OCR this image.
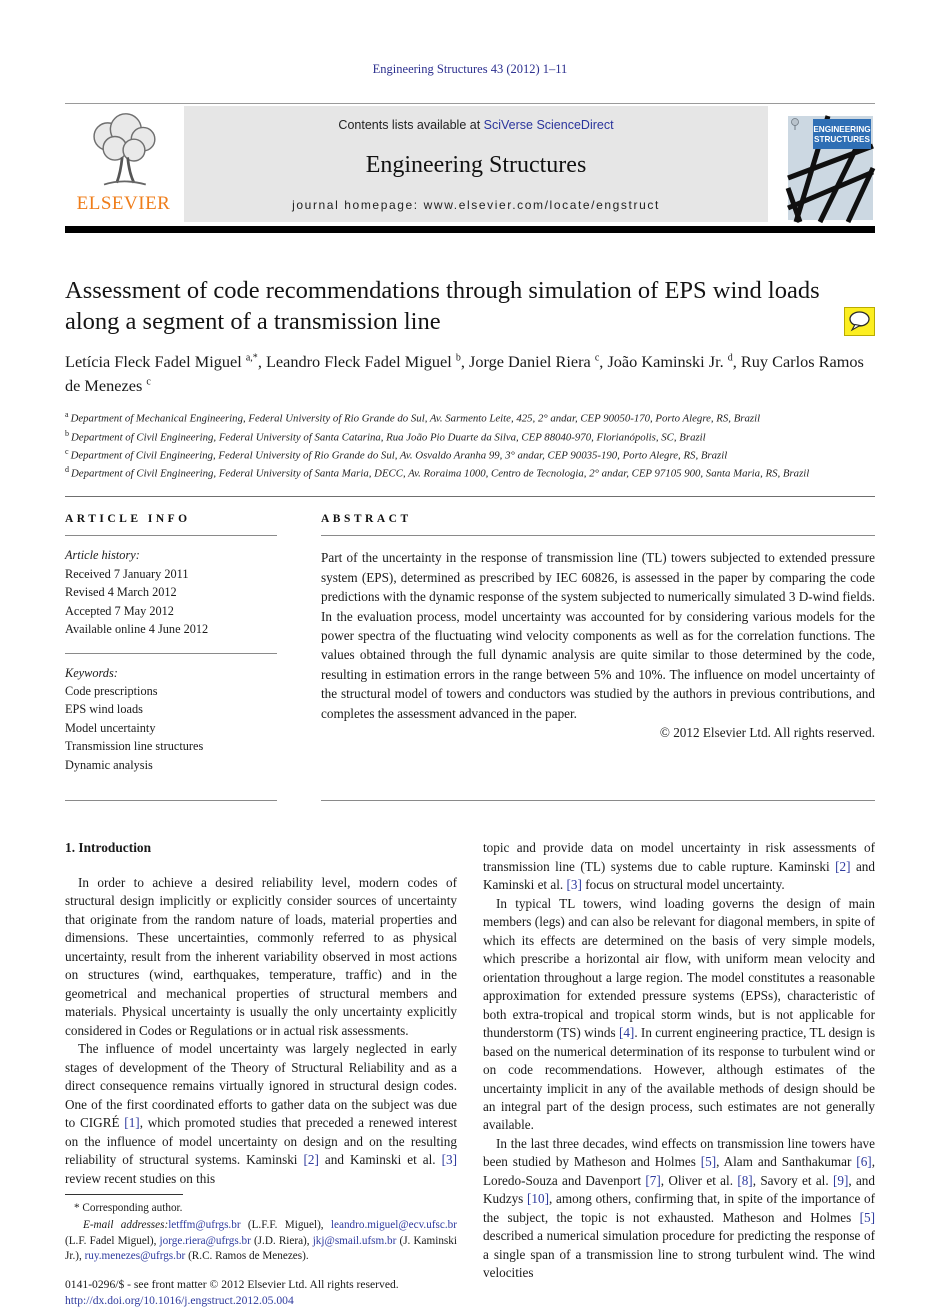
Engineering Structures 43 (2012) 1–11
ELSEVIER
Contents lists available at SciVerse ScienceDirect
Engineering Structures
journal homepage: www.elsevier.com/locate/engstruct
ENGINEERING
STRUCTURES
Assessment of code recommendations through simulation of EPS wind loads along a segment of a transmission line
Letícia Fleck Fadel Miguel $^{a,*}$, Leandro Fleck Fadel Miguel $^b$, Jorge Daniel Riera $^c$, João Kaminski Jr. $^d$, Ruy Carlos Ramos de Menezes $^c$
$^a$ Department of Mechanical Engineering, Federal University of Rio Grande do Sul, Av. Sarmento Leite, 425, 2° andar, CEP 90050-170, Porto Alegre, RS, Brazil
$^b$ Department of Civil Engineering, Federal University of Santa Catarina, Rua João Pio Duarte da Silva, CEP 88040-970, Florianópolis, SC, Brazil
$^c$ Department of Civil Engineering, Federal University of Rio Grande do Sul, Av. Osvaldo Aranha 99, 3° andar, CEP 90035-190, Porto Alegre, RS, Brazil
$^d$ Department of Civil Engineering, Federal University of Santa Maria, DECC, Av. Roraima 1000, Centro de Tecnologia, 2° andar, CEP 97105 900, Santa Maria, RS, Brazil
ARTICLE INFO
Article history:
Received 7 January 2011
Revised 4 March 2012
Accepted 7 May 2012
Available online 4 June 2012
Keywords:
Code prescriptions
EPS wind loads
Model uncertainty
Transmission line structures
Dynamic analysis
ABSTRACT
Part of the uncertainty in the response of transmission line (TL) towers subjected to extended pressure system (EPS), determined as prescribed by IEC 60826, is assessed in the paper by comparing the code predictions with the dynamic response of the system subjected to numerically simulated 3 D-wind fields. In the evaluation process, model uncertainty was accounted for by considering various models for the power spectra of the fluctuating wind velocity components as well as for the correlation functions. The values obtained through the full dynamic analysis are quite similar to those determined by the code, resulting in estimation errors in the range between 5% and 10%. The influence on model uncertainty of the structural model of towers and conductors was studied by the authors in previous contributions, and completes the assessment advanced in the paper.
© 2012 Elsevier Ltd. All rights reserved.
1. Introduction

In order to achieve a desired reliability level, modern codes of structural design implicitly or explicitly consider sources of uncertainty that originate from the random nature of loads, material properties and dimensions. These uncertainties, commonly referred to as physical uncertainty, result from the inherent variability observed in most actions on structures (wind, earthquakes, temperature, traffic) and in the geometrical and mechanical properties of structural members and materials. Physical uncertainty is usually the only uncertainty explicitly considered in Codes or Regulations or in actual risk assessments.

The influence of model uncertainty was largely neglected in early stages of development of the Theory of Structural Reliability and as a direct consequence remains virtually ignored in structural design codes. One of the first coordinated efforts to gather data on the subject was due to CIGRÉ [1], which promoted studies that preceded a renewed interest on the influence of model uncertainty on design and on the resulting reliability of structural systems. Kaminski [2] and Kaminski et al. [3] review recent studies on this

* Corresponding author.
E-mail addresses:letffm@ufrgs.br (L.F.F. Miguel), leandro.miguel@ecv.ufsc.br (L.F. Fadel Miguel), jorge.riera@ufrgs.br (J.D. Riera), jkj@smail.ufsm.br (J. Kaminski Jr.), ruy.menezes@ufrgs.br (R.C. Ramos de Menezes).
0141-0296/$ - see front matter © 2012 Elsevier Ltd. All rights reserved.
http://dx.doi.org/10.1016/j.engstruct.2012.05.004

topic and provide data on model uncertainty in risk assessments of transmission line (TL) systems due to cable rupture. Kaminski [2] and Kaminski et al. [3] focus on structural model uncertainty.

In typical TL towers, wind loading governs the design of main members (legs) and can also be relevant for diagonal members, in spite of which its effects are determined on the basis of very simple models, which prescribe a horizontal air flow, with uniform mean velocity and orientation throughout a large region. The model constitutes a reasonable approximation for extended pressure systems (EPSs), characteristic of both extra-tropical and tropical storm winds, but is not applicable for thunderstorm (TS) winds [4]. In current engineering practice, TL design is based on the numerical determination of its response to turbulent wind or on code recommendations. However, although estimates of the uncertainty implicit in any of the available methods of design should be an integral part of the design process, such estimates are not generally available.

In the last three decades, wind effects on transmission line towers have been studied by Matheson and Holmes [5], Alam and Santhakumar [6], Loredo-Souza and Davenport [7], Oliver et al. [8], Savory et al. [9], and Kudzys [10], among others, confirming that, in spite of the importance of the subject, the topic is not exhausted. Matheson and Holmes [5] described a numerical simulation procedure for predicting the response of a single span of a transmission line to strong turbulent wind. The wind velocities
